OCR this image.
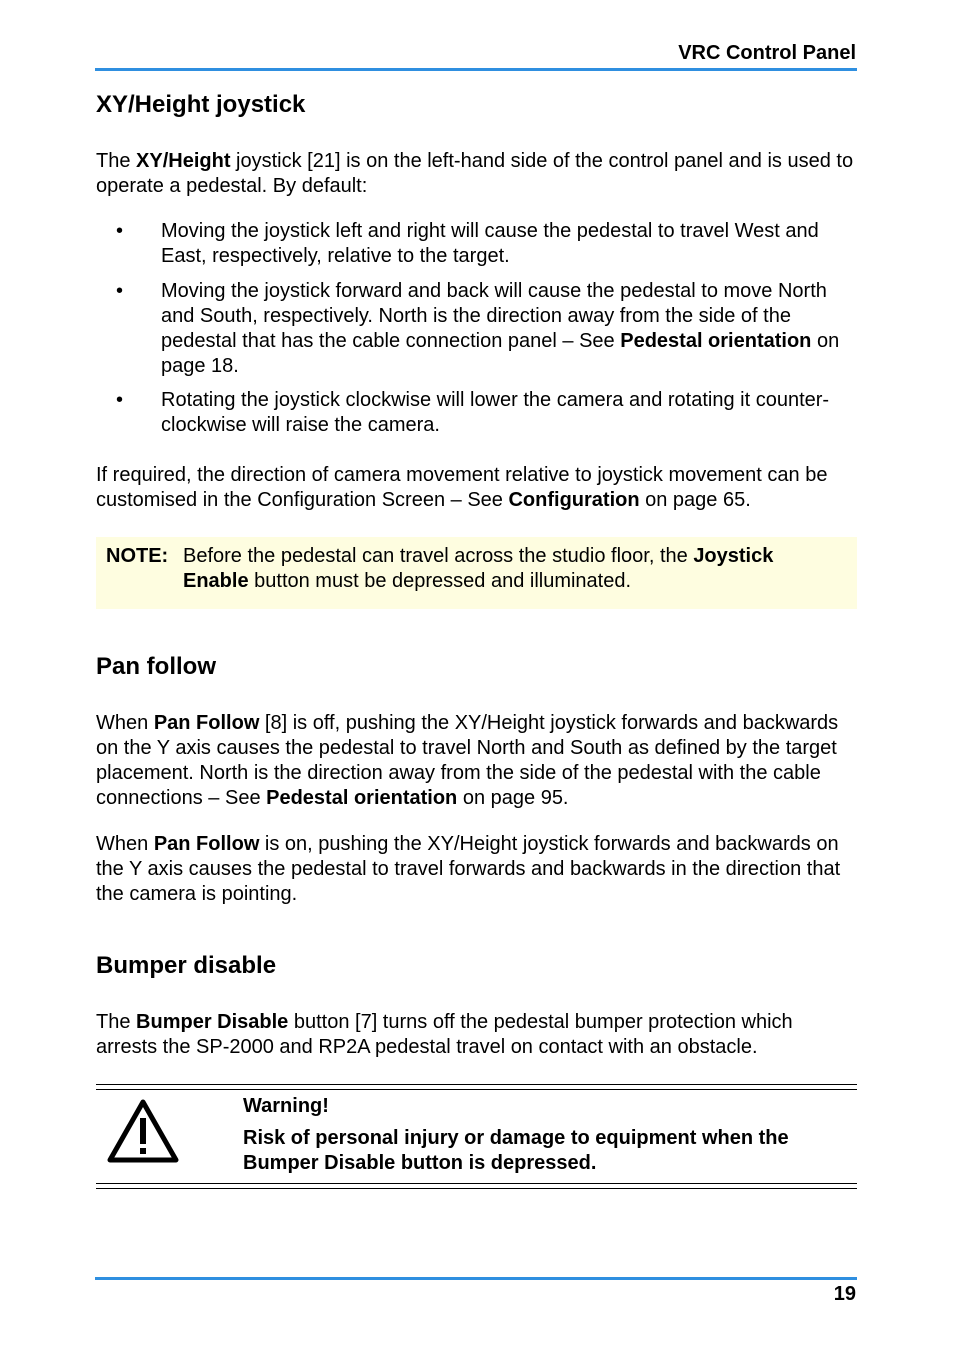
VRC Control Panel
XY/Height joystick
The XY/Height joystick [21] is on the left-hand side of the control panel and is used to operate a pedestal. By default:
• Moving the joystick left and right will cause the pedestal to travel West and East, respectively, relative to the target.
• Moving the joystick forward and back will cause the pedestal to move North and South, respectively. North is the direction away from the side of the pedestal that has the cable connection panel – See Pedestal orientation on page 18.
• Rotating the joystick clockwise will lower the camera and rotating it counter-clockwise will raise the camera.
If required, the direction of camera movement relative to joystick movement can be customised in the Configuration Screen – See Configuration on page 65.
NOTE: Before the pedestal can travel across the studio floor, the Joystick Enable button must be depressed and illuminated.
Pan follow
When Pan Follow [8] is off, pushing the XY/Height joystick forwards and backwards on the Y axis causes the pedestal to travel North and South as defined by the target placement. North is the direction away from the side of the pedestal with the cable connections – See Pedestal orientation on page 95.
When Pan Follow is on, pushing the XY/Height joystick forwards and backwards on the Y axis causes the pedestal to travel forwards and backwards in the direction that the camera is pointing.
Bumper disable
The Bumper Disable button [7] turns off the pedestal bumper protection which arrests the SP-2000 and RP2A pedestal travel on contact with an obstacle.
Warning!
Risk of personal injury or damage to equipment when the Bumper Disable button is depressed.
19
